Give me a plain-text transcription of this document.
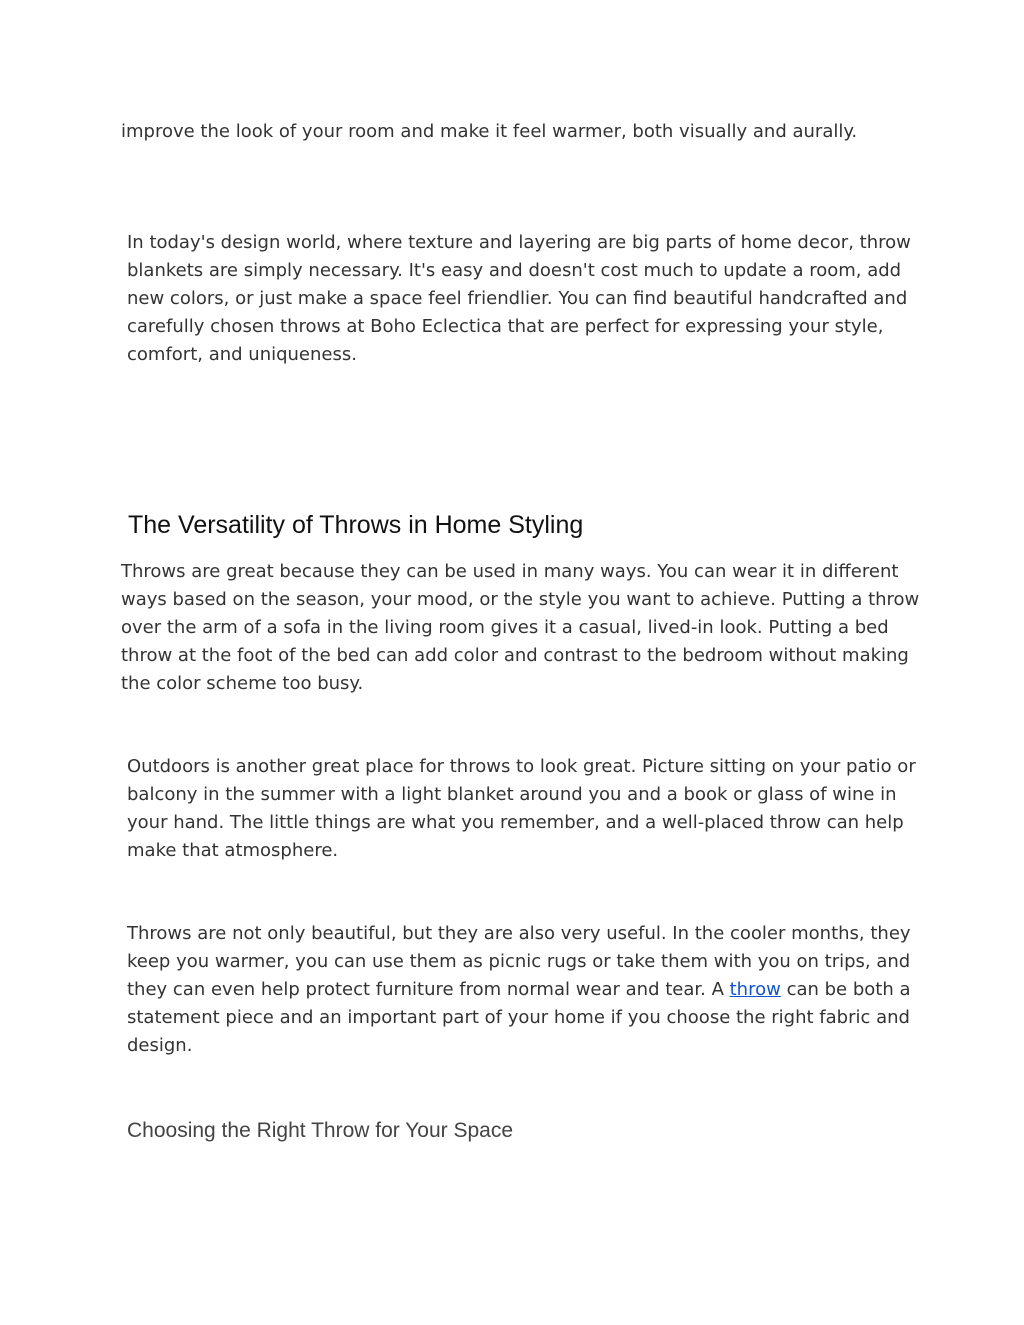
improve the look of your room and make it feel warmer, both visually and aurally.

In today's design world, where texture and layering are big parts of home decor, throw blankets are simply necessary. It's easy and doesn't cost much to update a room, add new colors, or just make a space feel friendlier. You can find beautiful handcrafted and carefully chosen throws at Boho Eclectica that are perfect for expressing your style, comfort, and uniqueness.

The Versatility of Throws in Home Styling

Throws are great because they can be used in many ways. You can wear it in different ways based on the season, your mood, or the style you want to achieve. Putting a throw over the arm of a sofa in the living room gives it a casual, lived-in look. Putting a bed throw at the foot of the bed can add color and contrast to the bedroom without making the color scheme too busy.

Outdoors is another great place for throws to look great. Picture sitting on your patio or balcony in the summer with a light blanket around you and a book or glass of wine in your hand. The little things are what you remember, and a well-placed throw can help make that atmosphere.

Throws are not only beautiful, but they are also very useful. In the cooler months, they keep you warmer, you can use them as picnic rugs or take them with you on trips, and they can even help protect furniture from normal wear and tear. A throw can be both a statement piece and an important part of your home if you choose the right fabric and design.

Choosing the Right Throw for Your Space
